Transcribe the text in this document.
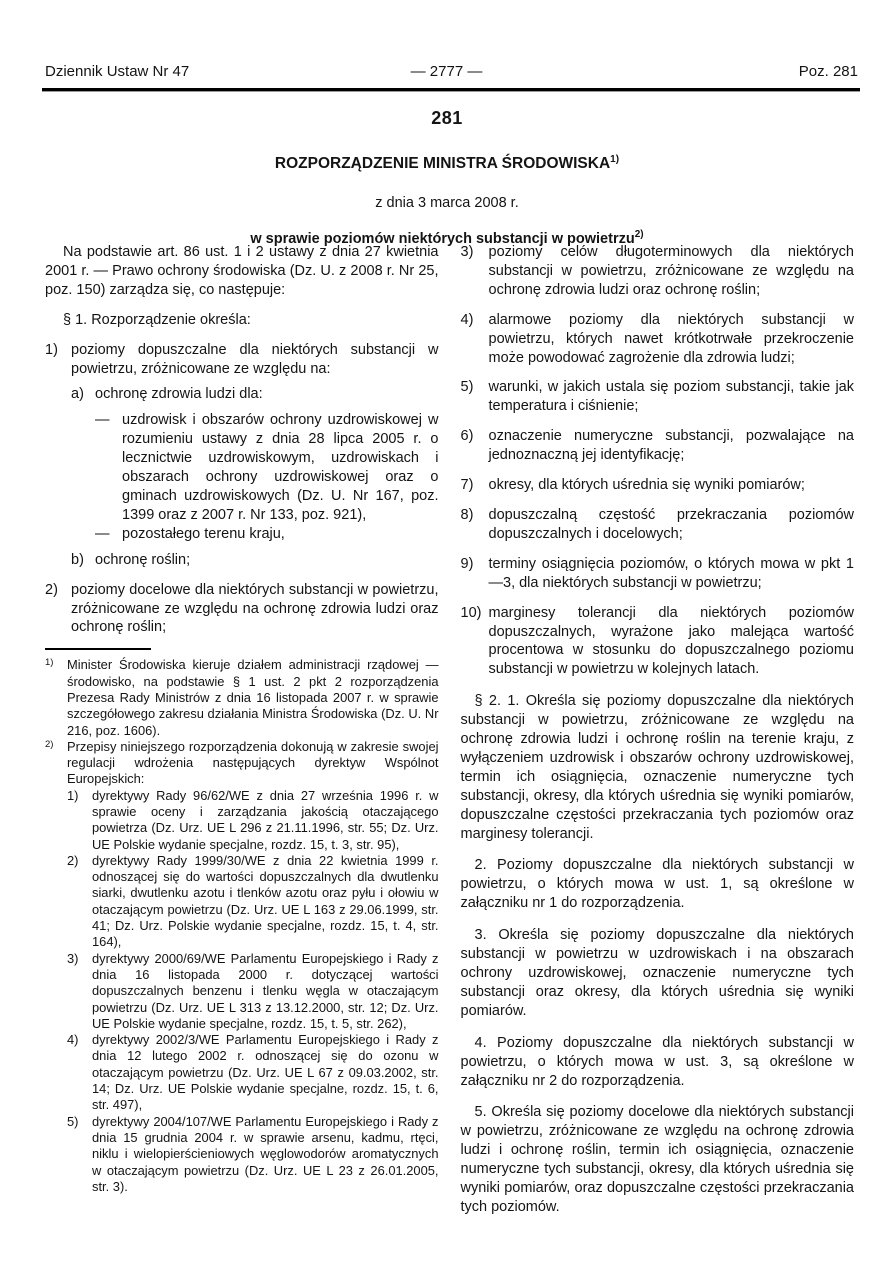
Dziennik Ustaw Nr 47	— 2777 —	Poz. 281
281
ROZPORZĄDZENIE MINISTRA ŚRODOWISKA$^{1)}$
z dnia 3 marca 2008 r.
w sprawie poziomów niektórych substancji w powietrzu$^{2)}$
Na podstawie art. 86 ust. 1 i 2 ustawy z dnia 27 kwietnia 2001 r. — Prawo ochrony środowiska (Dz. U. z 2008 r. Nr 25, poz. 150) zarządza się, co następuje:
§ 1. Rozporządzenie określa:
1) poziomy dopuszczalne dla niektórych substancji w powietrzu, zróżnicowane ze względu na:
a) ochronę zdrowia ludzi dla:
— uzdrowisk i obszarów ochrony uzdrowiskowej w rozumieniu ustawy z dnia 28 lipca 2005 r. o lecznictwie uzdrowiskowym, uzdrowiskach i obszarach ochrony uzdrowiskowej oraz o gminach uzdrowiskowych (Dz. U. Nr 167, poz. 1399 oraz z 2007 r. Nr 133, poz. 921),
— pozostałego terenu kraju,
b) ochronę roślin;
2) poziomy docelowe dla niektórych substancji w powietrzu, zróżnicowane ze względu na ochronę zdrowia ludzi oraz ochronę roślin;
1)	Minister Środowiska kieruje działem administracji rządowej — środowisko, na podstawie § 1 ust. 2 pkt 2 rozporządzenia Prezesa Rady Ministrów z dnia 16 listopada 2007 r. w sprawie szczegółowego zakresu działania Ministra Środowiska (Dz. U. Nr 216, poz. 1606).
2)	Przepisy niniejszego rozporządzenia dokonują w zakresie swojej regulacji wdrożenia następujących dyrektyw Wspólnot Europejskich:
1)	dyrektywy Rady 96/62/WE z dnia 27 września 1996 r. w sprawie oceny i zarządzania jakością otaczającego powietrza (Dz. Urz. UE L 296 z 21.11.1996, str. 55; Dz. Urz. UE Polskie wydanie specjalne, rozdz. 15, t. 3, str. 95),
2)	dyrektywy Rady 1999/30/WE z dnia 22 kwietnia 1999 r. odnoszącej się do wartości dopuszczalnych dla dwutlenku siarki, dwutlenku azotu i tlenków azotu oraz pyłu i ołowiu w otaczającym powietrzu (Dz. Urz. UE L 163 z 29.06.1999, str. 41; Dz. Urz. Polskie wydanie specjalne, rozdz. 15, t. 4, str. 164),
3)	dyrektywy 2000/69/WE Parlamentu Europejskiego i Rady z dnia 16 listopada 2000 r. dotyczącej wartości dopuszczalnych benzenu i tlenku węgla w otaczającym powietrzu (Dz. Urz. UE L 313 z 13.12.2000, str. 12; Dz. Urz. UE Polskie wydanie specjalne, rozdz. 15, t. 5, str. 262),
4)	dyrektywy 2002/3/WE Parlamentu Europejskiego i Rady z dnia 12 lutego 2002 r. odnoszącej się do ozonu w otaczającym powietrzu (Dz. Urz. UE L 67 z 09.03.2002, str. 14; Dz. Urz. UE Polskie wydanie specjalne, rozdz. 15, t. 6, str. 497),
5)	dyrektywy 2004/107/WE Parlamentu Europejskiego i Rady z dnia 15 grudnia 2004 r. w sprawie arsenu, kadmu, rtęci, niklu i wielopierścieniowych węglowodorów aromatycznych w otaczającym powietrzu (Dz. Urz. UE L 23 z 26.01.2005, str. 3).
3)	poziomy celów długoterminowych dla niektórych substancji w powietrzu, zróżnicowane ze względu na ochronę zdrowia ludzi oraz ochronę roślin;
4)	alarmowe poziomy dla niektórych substancji w powietrzu, których nawet krótkotrwałe przekroczenie może powodować zagrożenie dla zdrowia ludzi;
5)	warunki, w jakich ustala się poziom substancji, takie jak temperatura i ciśnienie;
6)	oznaczenie numeryczne substancji, pozwalające na jednoznaczną jej identyfikację;
7)	okresy, dla których uśrednia się wyniki pomiarów;
8)	dopuszczalną częstość przekraczania poziomów dopuszczalnych i docelowych;
9)	terminy osiągnięcia poziomów, o których mowa w pkt 1—3, dla niektórych substancji w powietrzu;
10) marginesy tolerancji dla niektórych poziomów dopuszczalnych, wyrażone jako malejąca wartość procentowa w stosunku do dopuszczalnego poziomu substancji w powietrzu w kolejnych latach.
§ 2. 1. Określa się poziomy dopuszczalne dla niektórych substancji w powietrzu, zróżnicowane ze względu na ochronę zdrowia ludzi i ochronę roślin na terenie kraju, z wyłączeniem uzdrowisk i obszarów ochrony uzdrowiskowej, termin ich osiągnięcia, oznaczenie numeryczne tych substancji, okresy, dla których uśrednia się wyniki pomiarów, dopuszczalne częstości przekraczania tych poziomów oraz marginesy tolerancji.
2. Poziomy dopuszczalne dla niektórych substancji w powietrzu, o których mowa w ust. 1, są określone w załączniku nr 1 do rozporządzenia.
3. Określa się poziomy dopuszczalne dla niektórych substancji w powietrzu w uzdrowiskach i na obszarach ochrony uzdrowiskowej, oznaczenie numeryczne tych substancji oraz okresy, dla których uśrednia się wyniki pomiarów.
4. Poziomy dopuszczalne dla niektórych substancji w powietrzu, o których mowa w ust. 3, są określone w załączniku nr 2 do rozporządzenia.
5. Określa się poziomy docelowe dla niektórych substancji w powietrzu, zróżnicowane ze względu na ochronę zdrowia ludzi i ochronę roślin, termin ich osiągnięcia, oznaczenie numeryczne tych substancji, okresy, dla których uśrednia się wyniki pomiarów, oraz dopuszczalne częstości przekraczania tych poziomów.
